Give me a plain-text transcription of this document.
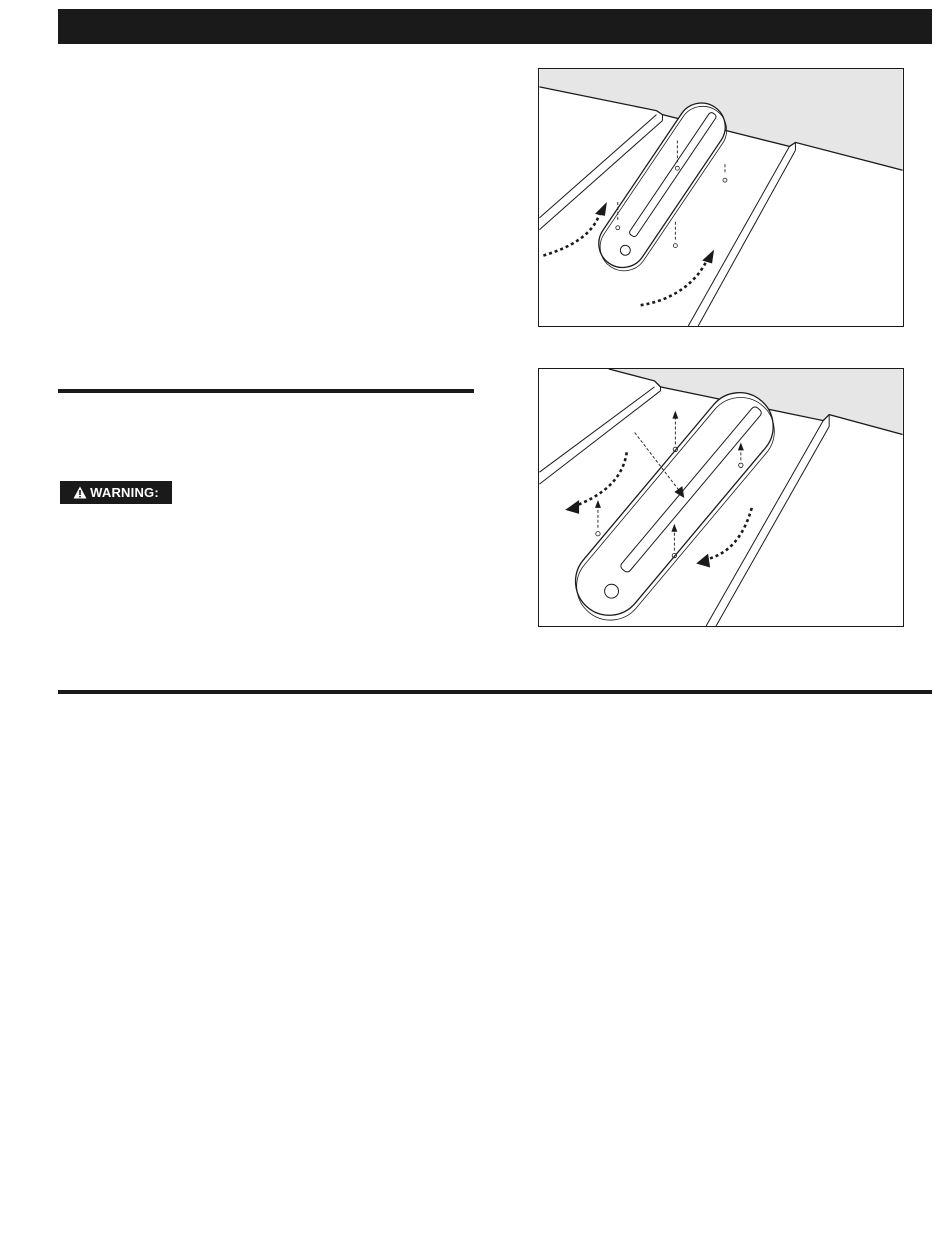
WARNING:
